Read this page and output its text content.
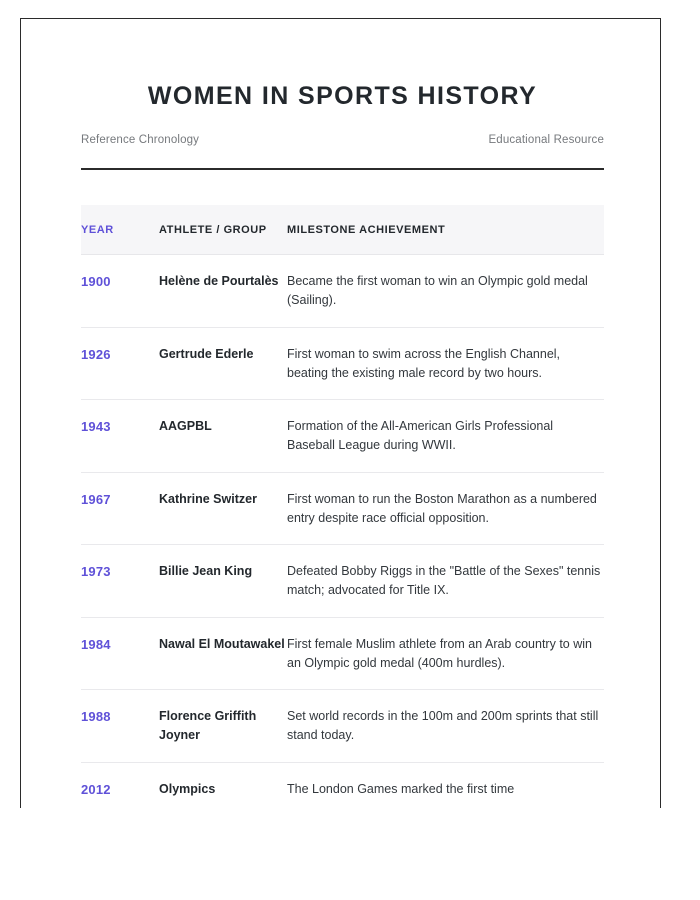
WOMEN IN SPORTS HISTORY
Reference Chronology	Educational Resource
YEAR	ATHLETE / GROUP	MILESTONE ACHIEVEMENT
1900	Helène de Pourtalès	Became the first woman to win an Olympic gold medal (Sailing).
1926	Gertrude Ederle	First woman to swim across the English Channel, beating the existing male record by two hours.
1943	AAGPBL	Formation of the All-American Girls Professional Baseball League during WWII.
1967	Kathrine Switzer	First woman to run the Boston Marathon as a numbered entry despite race official opposition.
1973	Billie Jean King	Defeated Bobby Riggs in the "Battle of the Sexes" tennis match; advocated for Title IX.
1984	Nawal El Moutawakel	First female Muslim athlete from an Arab country to win an Olympic gold medal (400m hurdles).
1988	Florence Griffith Joyner	Set world records in the 100m and 200m sprints that still stand today.
2012	Olympics	The London Games marked the first time
